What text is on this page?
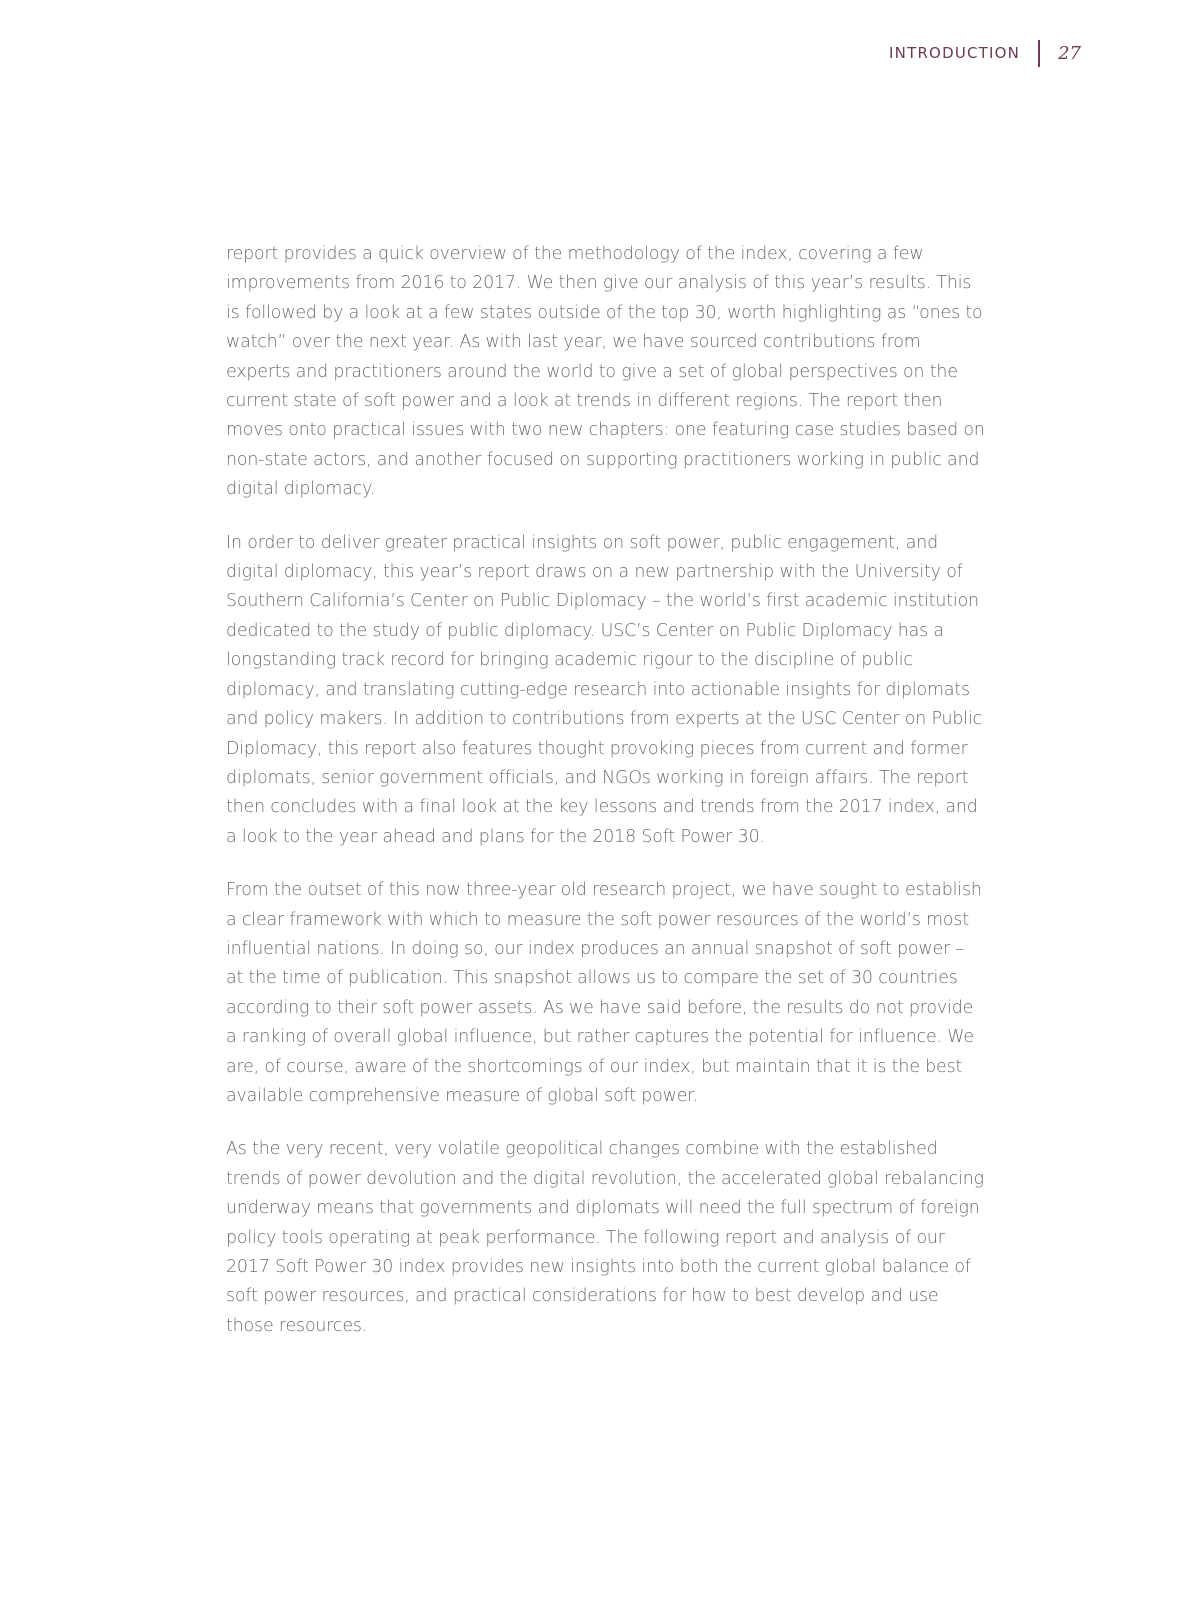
INTRODUCTION 27

report provides a quick overview of the methodology of the index, covering a few improvements from 2016 to 2017. We then give our analysis of this year’s results. This is followed by a look at a few states outside of the top 30, worth highlighting as “ones to watch” over the next year. As with last year, we have sourced contributions from experts and practitioners around the world to give a set of global perspectives on the current state of soft power and a look at trends in different regions. The report then moves onto practical issues with two new chapters: one featuring case studies based on non-state actors, and another focused on supporting practitioners working in public and digital diplomacy.

In order to deliver greater practical insights on soft power, public engagement, and digital diplomacy, this year’s report draws on a new partnership with the University of Southern California’s Center on Public Diplomacy – the world’s first academic institution dedicated to the study of public diplomacy. USC’s Center on Public Diplomacy has a longstanding track record for bringing academic rigour to the discipline of public diplomacy, and translating cutting-edge research into actionable insights for diplomats and policy makers. In addition to contributions from experts at the USC Center on Public Diplomacy, this report also features thought provoking pieces from current and former diplomats, senior government officials, and NGOs working in foreign affairs. The report then concludes with a final look at the key lessons and trends from the 2017 index, and a look to the year ahead and plans for the 2018 Soft Power 30.

From the outset of this now three-year old research project, we have sought to establish a clear framework with which to measure the soft power resources of the world’s most influential nations. In doing so, our index produces an annual snapshot of soft power – at the time of publication. This snapshot allows us to compare the set of 30 countries according to their soft power assets. As we have said before, the results do not provide a ranking of overall global influence, but rather captures the potential for influence. We are, of course, aware of the shortcomings of our index, but maintain that it is the best available comprehensive measure of global soft power.

As the very recent, very volatile geopolitical changes combine with the established trends of power devolution and the digital revolution, the accelerated global rebalancing underway means that governments and diplomats will need the full spectrum of foreign policy tools operating at peak performance. The following report and analysis of our 2017 Soft Power 30 index provides new insights into both the current global balance of soft power resources, and practical considerations for how to best develop and use those resources.
